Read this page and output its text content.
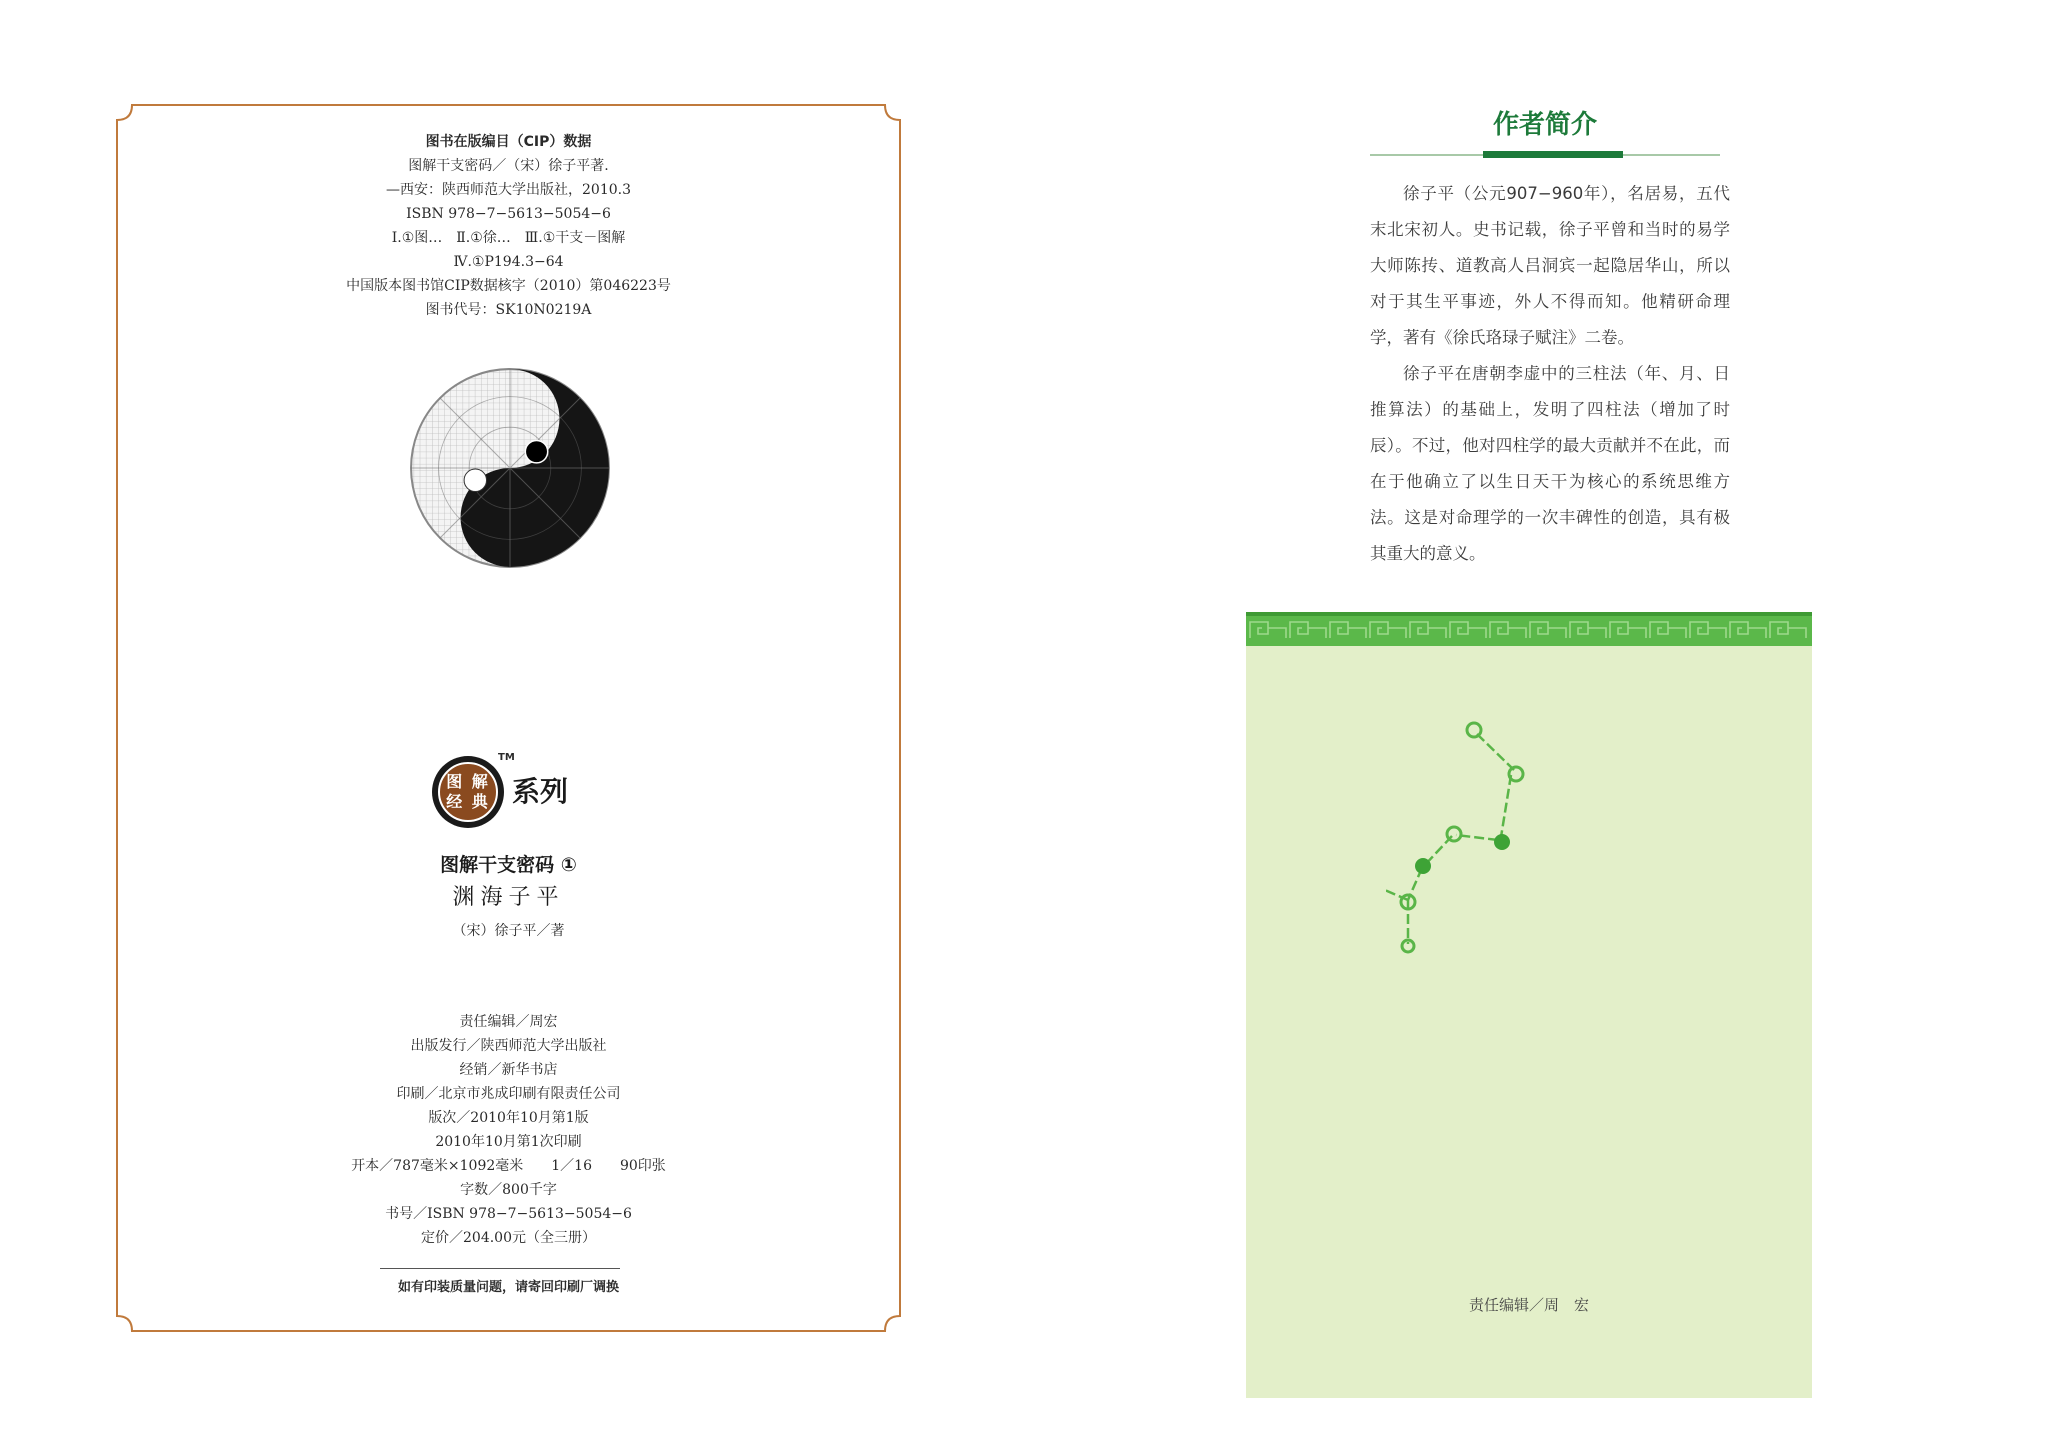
图书在版编目（CIP）数据
图解干支密码／（宋）徐子平著.
—西安：陕西师范大学出版社，2010.3
ISBN 978−7−5613−5054−6
Ⅰ.①图…　Ⅱ.①徐…　Ⅲ.①干支－图解
Ⅳ.①P194.3−64
中国版本图书馆CIP数据核字（2010）第046223号
图书代号：SK10N0219A
图 解
经 典
TM
系列
图解干支密码 ①
渊海子平
（宋）徐子平／著
责任编辑／周宏
出版发行／陕西师范大学出版社
经销／新华书店
印刷／北京市兆成印刷有限责任公司
版次／2010年10月第1版
2010年10月第1次印刷
开本／787毫米×1092毫米　　1／16　　90印张
字数／800千字
书号／ISBN 978−7−5613−5054−6
定价／204.00元（全三册）
如有印装质量问题，请寄回印刷厂调换
作者简介

徐子平（公元907−960年），名居易，五代末北宋初人。史书记载，徐子平曾和当时的易学大师陈抟、道教高人吕洞宾一起隐居华山，所以对于其生平事迹，外人不得而知。他精研命理学，著有《徐氏珞琭子赋注》二卷。

徐子平在唐朝李虚中的三柱法（年、月、日推算法）的基础上，发明了四柱法（增加了时辰）。不过，他对四柱学的最大贡献并不在此，而在于他确立了以生日天干为核心的系统思维方法。这是对命理学的一次丰碑性的创造，具有极其重大的意义。

责任编辑／周　宏
